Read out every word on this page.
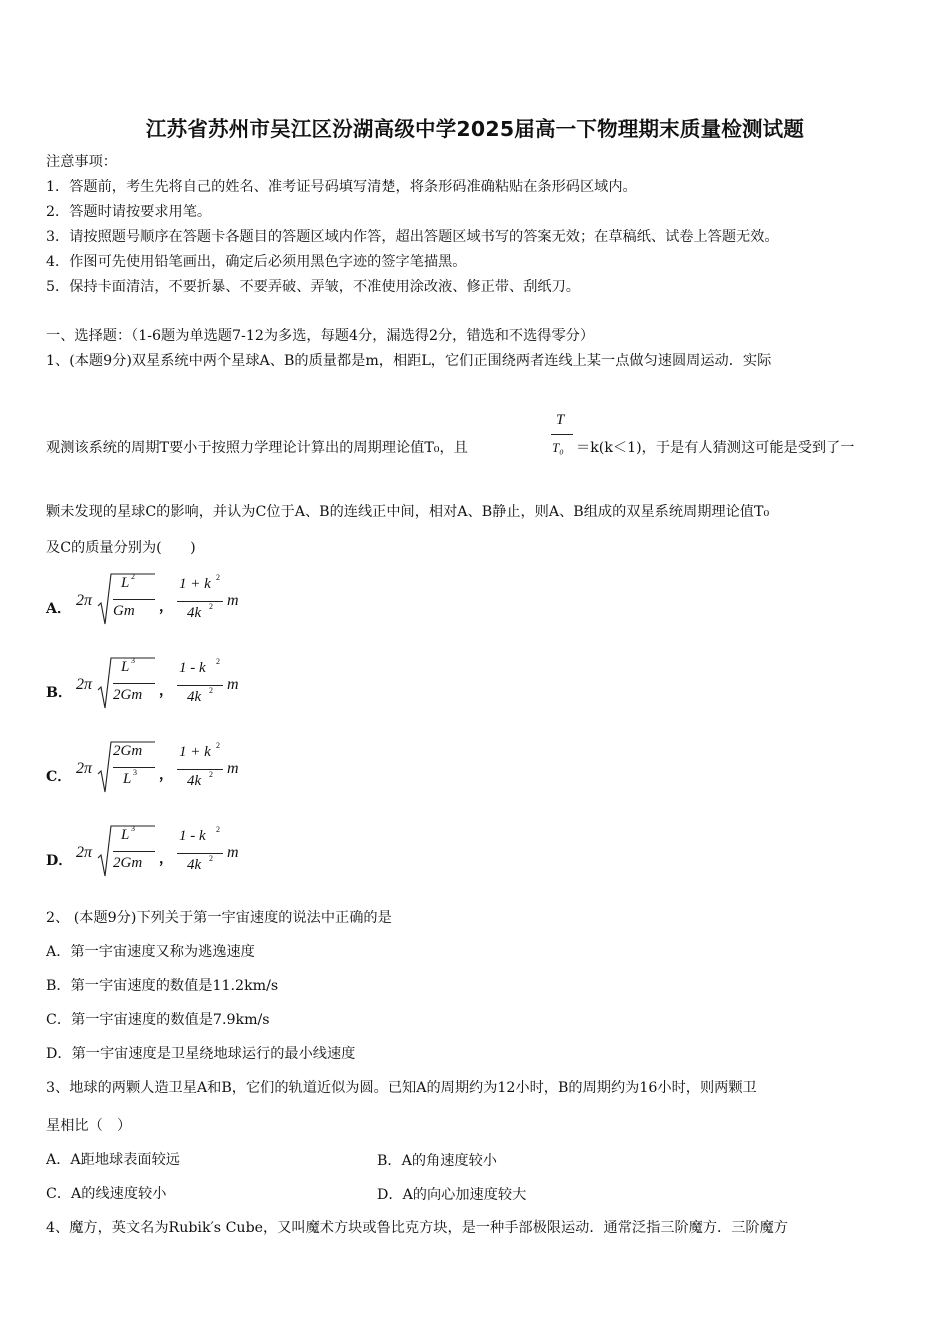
江苏省苏州市吴江区汾湖高级中学2025届高一下物理期末质量检测试题
注意事项：
1．答题前，考生先将自己的姓名、准考证号码填写清楚，将条形码准确粘贴在条形码区域内。
2．答题时请按要求用笔。
3．请按照题号顺序在答题卡各题目的答题区域内作答，超出答题区域书写的答案无效；在草稿纸、试卷上答题无效。
4．作图可先使用铅笔画出，确定后必须用黑色字迹的签字笔描黑。
5．保持卡面清洁，不要折暴、不要弄破、弄皱，不准使用涂改液、修正带、刮纸刀。
一、选择题：（1-6题为单选题7-12为多选，每题4分，漏选得2分，错选和不选得零分）
1、(本题9分)双星系统中两个星球A、B的质量都是m，相距L，它们正围绕两者连线上某一点做匀速圆周运动．实际
观测该系统的周期T要小于按照力学理论计算出的周期理论值T₀，且
T
T₀ ＝k(k＜1)，于是有人猜测这可能是受到了一
颗未发现的星球C的影响，并认为C位于A、B的连线正中间，相对A、B静止，则A、B组成的双星系统周期理论值T₀
及C的质量分别为(　　)
A． 2π
L 2
Gm ，
1 + k 2
4k 2 m
B． 2π
L 3
2Gm ，
1 - k 2
4k 2 m
C． 2π
2Gm
L 3 ，
1 + k 2
4k 2 m
D． 2π
L 3
2Gm ，
1 - k 2
4k 2 m
2、 (本题9分)下列关于第一宇宙速度的说法中正确的是
A．第一宇宙速度又称为逃逸速度
B．第一宇宙速度的数值是11.2km/s
C．第一宇宙速度的数值是7.9km/s
D．第一宇宙速度是卫星绕地球运行的最小线速度
3、地球的两颗人造卫星A和B，它们的轨道近似为圆。已知A的周期约为12小时，B的周期约为16小时，则两颗卫
星相比（　）
A．A距地球表面较远	B．A的角速度较小
C．A的线速度较小	D．A的向心加速度较大
4、魔方，英文名为Rubik′s Cube，又叫魔术方块或鲁比克方块，是一种手部极限运动．通常泛指三阶魔方．三阶魔方
